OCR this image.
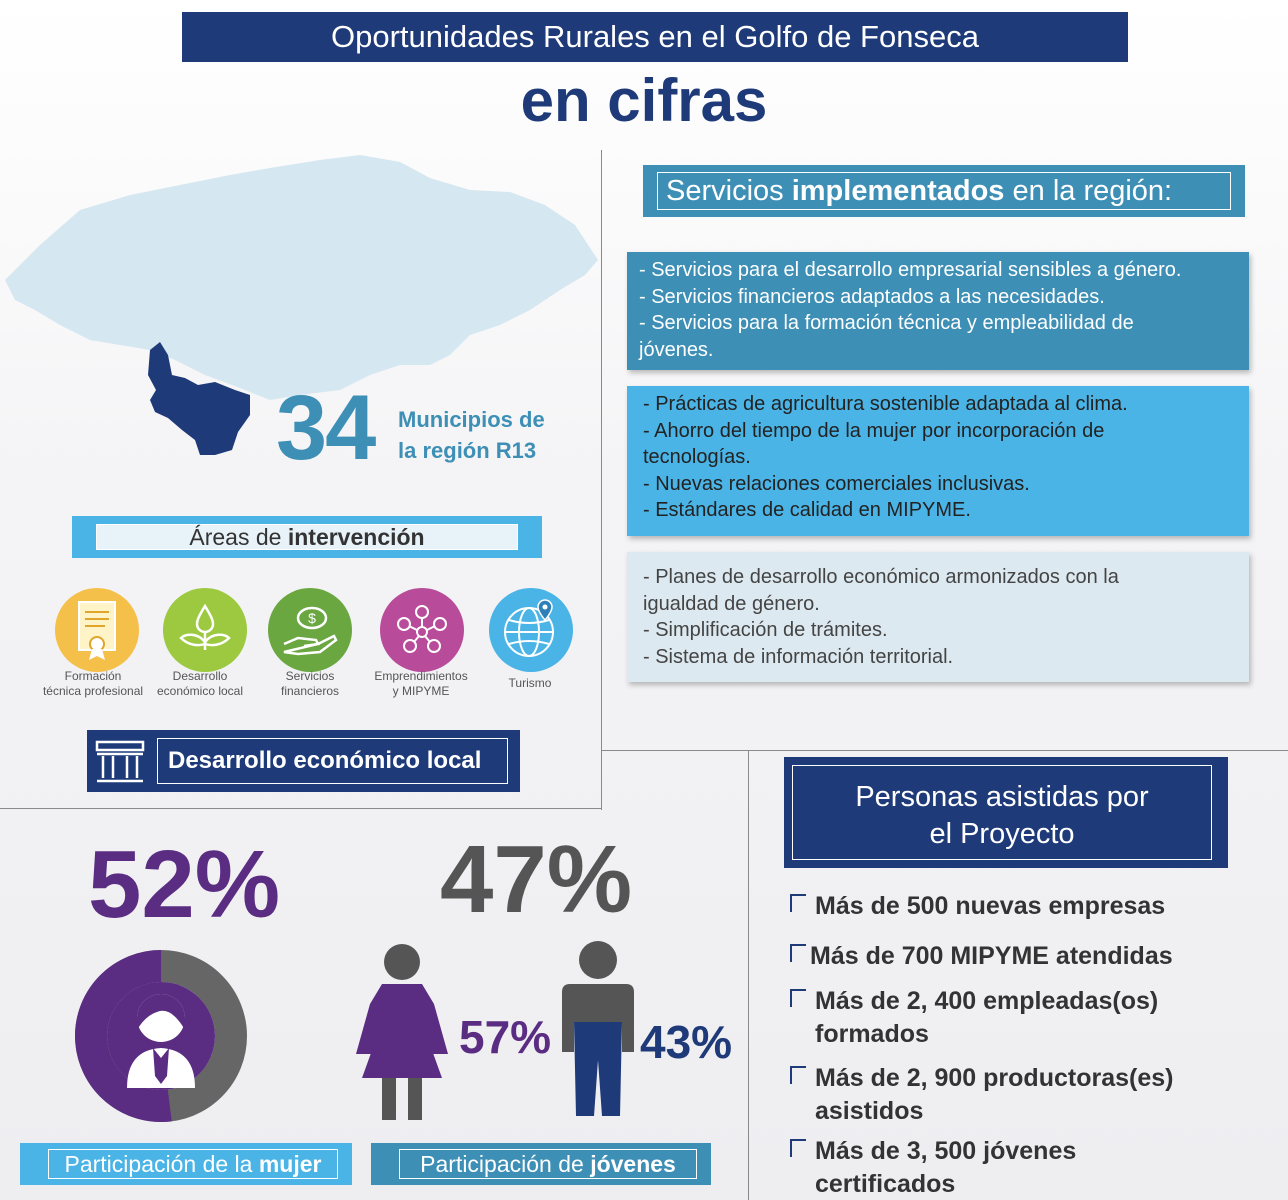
Oportunidades Rurales en el Golfo de Fonseca
en cifras
34 Municipios de
la región R13
Áreas de intervención
$
Formación
técnica profesional
Desarrollo
económico local
Servicios
financieros
Emprendimientos
y MIPYME
Turismo
Desarrollo económico local
Servicios implementados en la región:
- Servicios para el desarrollo empresarial sensibles a género.
- Servicios financieros adaptados a las necesidades.
- Servicios para la formación técnica y empleabilidad de
jóvenes.
- Prácticas de agricultura sostenible adaptada al clima.
- Ahorro del tiempo de la mujer por incorporación de
tecnologías.
- Nuevas relaciones comerciales inclusivas.
- Estándares de calidad en MIPYME.
- Planes de desarrollo económico armonizados con la
igualdad de género.
- Simplificación de trámites.
- Sistema de información territorial.
52% 47%
57% 43%
Participación de la mujer	Participación de jóvenes
Personas asistidas por
el Proyecto
Más de 500 nuevas empresas
Más de 700 MIPYME atendidas
Más de 2, 400 empleadas(os)
formados
Más de 2, 900 productoras(es)
asistidos
Más de 3, 500 jóvenes
certificados
